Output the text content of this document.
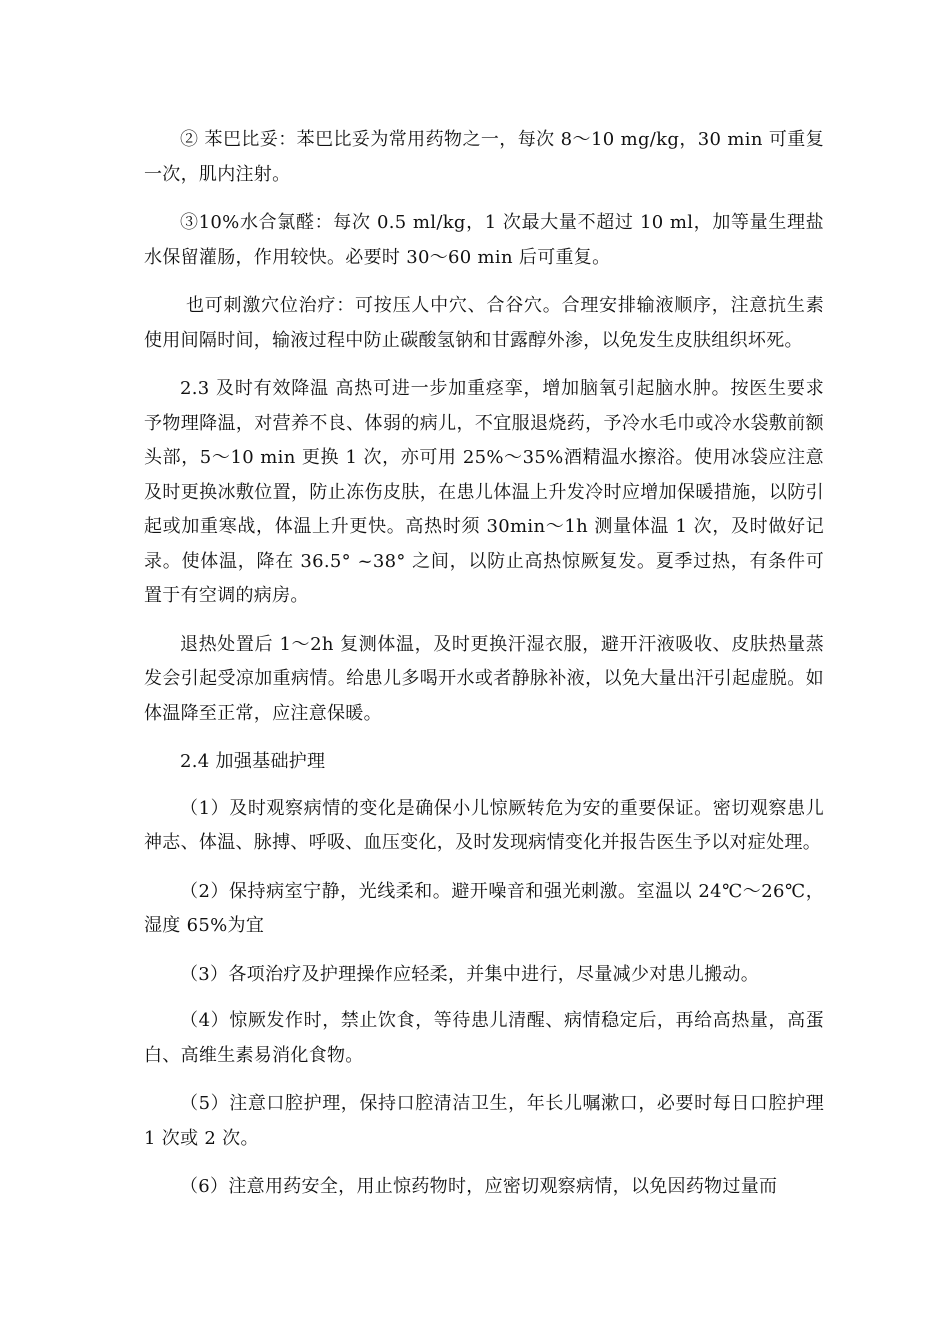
② 苯巴比妥：苯巴比妥为常用药物之一，每次 8～10 mg/kg，30 min 可重复一次，肌内注射。

③10%水合氯醛：每次 0.5 ml/kg，1 次最大量不超过 10 ml，加等量生理盐水保留灌肠，作用较快。必要时 30～60 min 后可重复。

也可刺激穴位治疗：可按压人中穴、合谷穴。合理安排输液顺序，注意抗生素使用间隔时间，输液过程中防止碳酸氢钠和甘露醇外渗，以免发生皮肤组织坏死。

2.3 及时有效降温 高热可进一步加重痉挛，增加脑氧引起脑水肿。按医生要求予物理降温，对营养不良、体弱的病儿，不宜服退烧药，予冷水毛巾或冷水袋敷前额头部，5～10 min 更换 1 次，亦可用 25%～35%酒精温水擦浴。使用冰袋应注意及时更换冰敷位置，防止冻伤皮肤，在患儿体温上升发冷时应增加保暖措施，以防引起或加重寒战，体温上升更快。高热时须 30min～1h 测量体温 1 次，及时做好记录。使体温，降在 36.5° ~38° 之间，以防止高热惊厥复发。夏季过热，有条件可置于有空调的病房。

退热处置后 1～2h 复测体温，及时更换汗湿衣服，避开汗液吸收、皮肤热量蒸发会引起受凉加重病情。给患儿多喝开水或者静脉补液，以免大量出汗引起虚脱。如体温降至正常，应注意保暖。

2.4 加强基础护理

（1）及时观察病情的变化是确保小儿惊厥转危为安的重要保证。密切观察患儿神志、体温、脉搏、呼吸、血压变化，及时发现病情变化并报告医生予以对症处理。

（2）保持病室宁静，光线柔和。避开噪音和强光刺激。室温以 24℃～26℃，湿度 65%为宜

（3）各项治疗及护理操作应轻柔，并集中进行，尽量减少对患儿搬动。

（4）惊厥发作时，禁止饮食，等待患儿清醒、病情稳定后，再给高热量，高蛋白、高维生素易消化食物。

（5）注意口腔护理，保持口腔清洁卫生，年长儿嘱漱口，必要时每日口腔护理 1 次或 2 次。

（6）注意用药安全，用止惊药物时，应密切观察病情，以免因药物过量而
